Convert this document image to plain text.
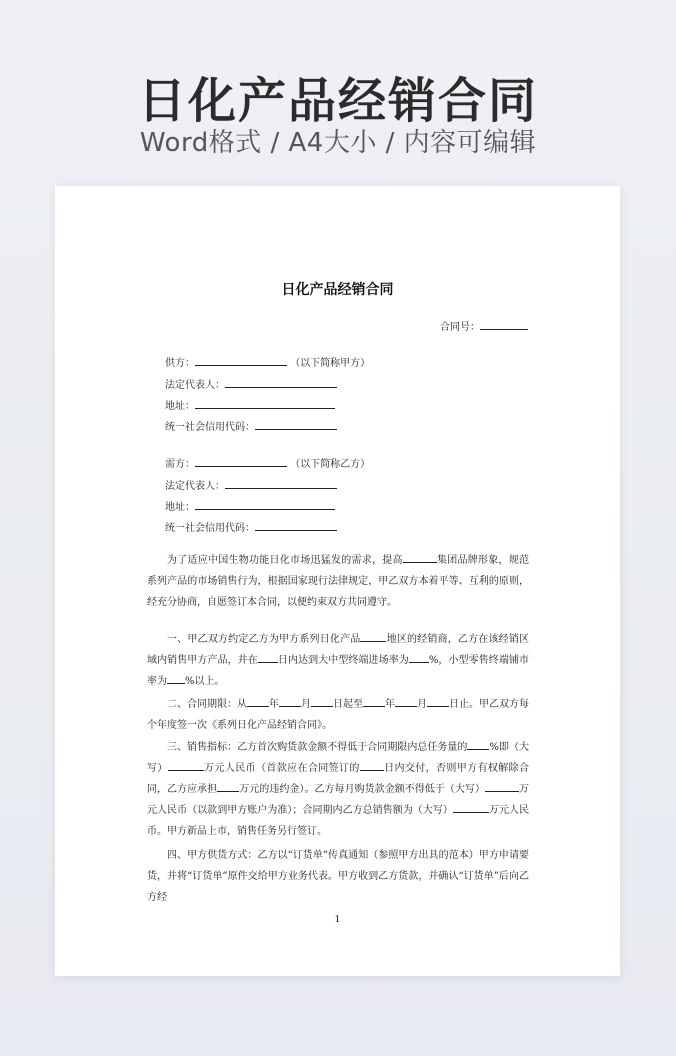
日化产品经销合同
Word格式 / A4大小 / 内容可编辑
日化产品经销合同
合同号：
供方：	（以下简称甲方）
法定代表人：
地址：
统一社会信用代码：
需方：	（以下简称乙方）
法定代表人：
地址：
统一社会信用代码：

为了适应中国生物功能日化市场迅猛发的需求，提高	集团品牌形象，规范系列产品的市场销售行为，根据国家现行法律规定，甲乙双方本着平等、互利的原则，经充分协商，自愿签订本合同，以便约束双方共同遵守。

一、甲乙双方约定乙方为甲方系列日化产品	地区的经销商，乙方在该经销区域内销售甲方产品，并在 日内达到大中型终端进场率为 %，小型零售终端铺市率为 %以上。

二、合同期限：从 年 月 日起至 年 月 日止。甲乙双方每个年度签一次《系列日化产品经销合同》。

三、销售指标：乙方首次购货款金额不得低于合同期限内总任务量的 %即（大写）	万元人民币（首款应在合同签订的 日内交付，否则甲方有权解除合同，乙方应承担 万元的违约金）。乙方每月购货款金额不得低于（大写）	万元人民币（以款到甲方账户为准）；合同期内乙方总销售额为（大写）	万元人民币。甲方新品上市，销售任务另行签订。

四、甲方供货方式：乙方以“订货单”传真通知（参照甲方出具的范本）甲方申请要货，并将“订货单”原件交给甲方业务代表。甲方收到乙方货款，并确认“订货单”后向乙方经

1
